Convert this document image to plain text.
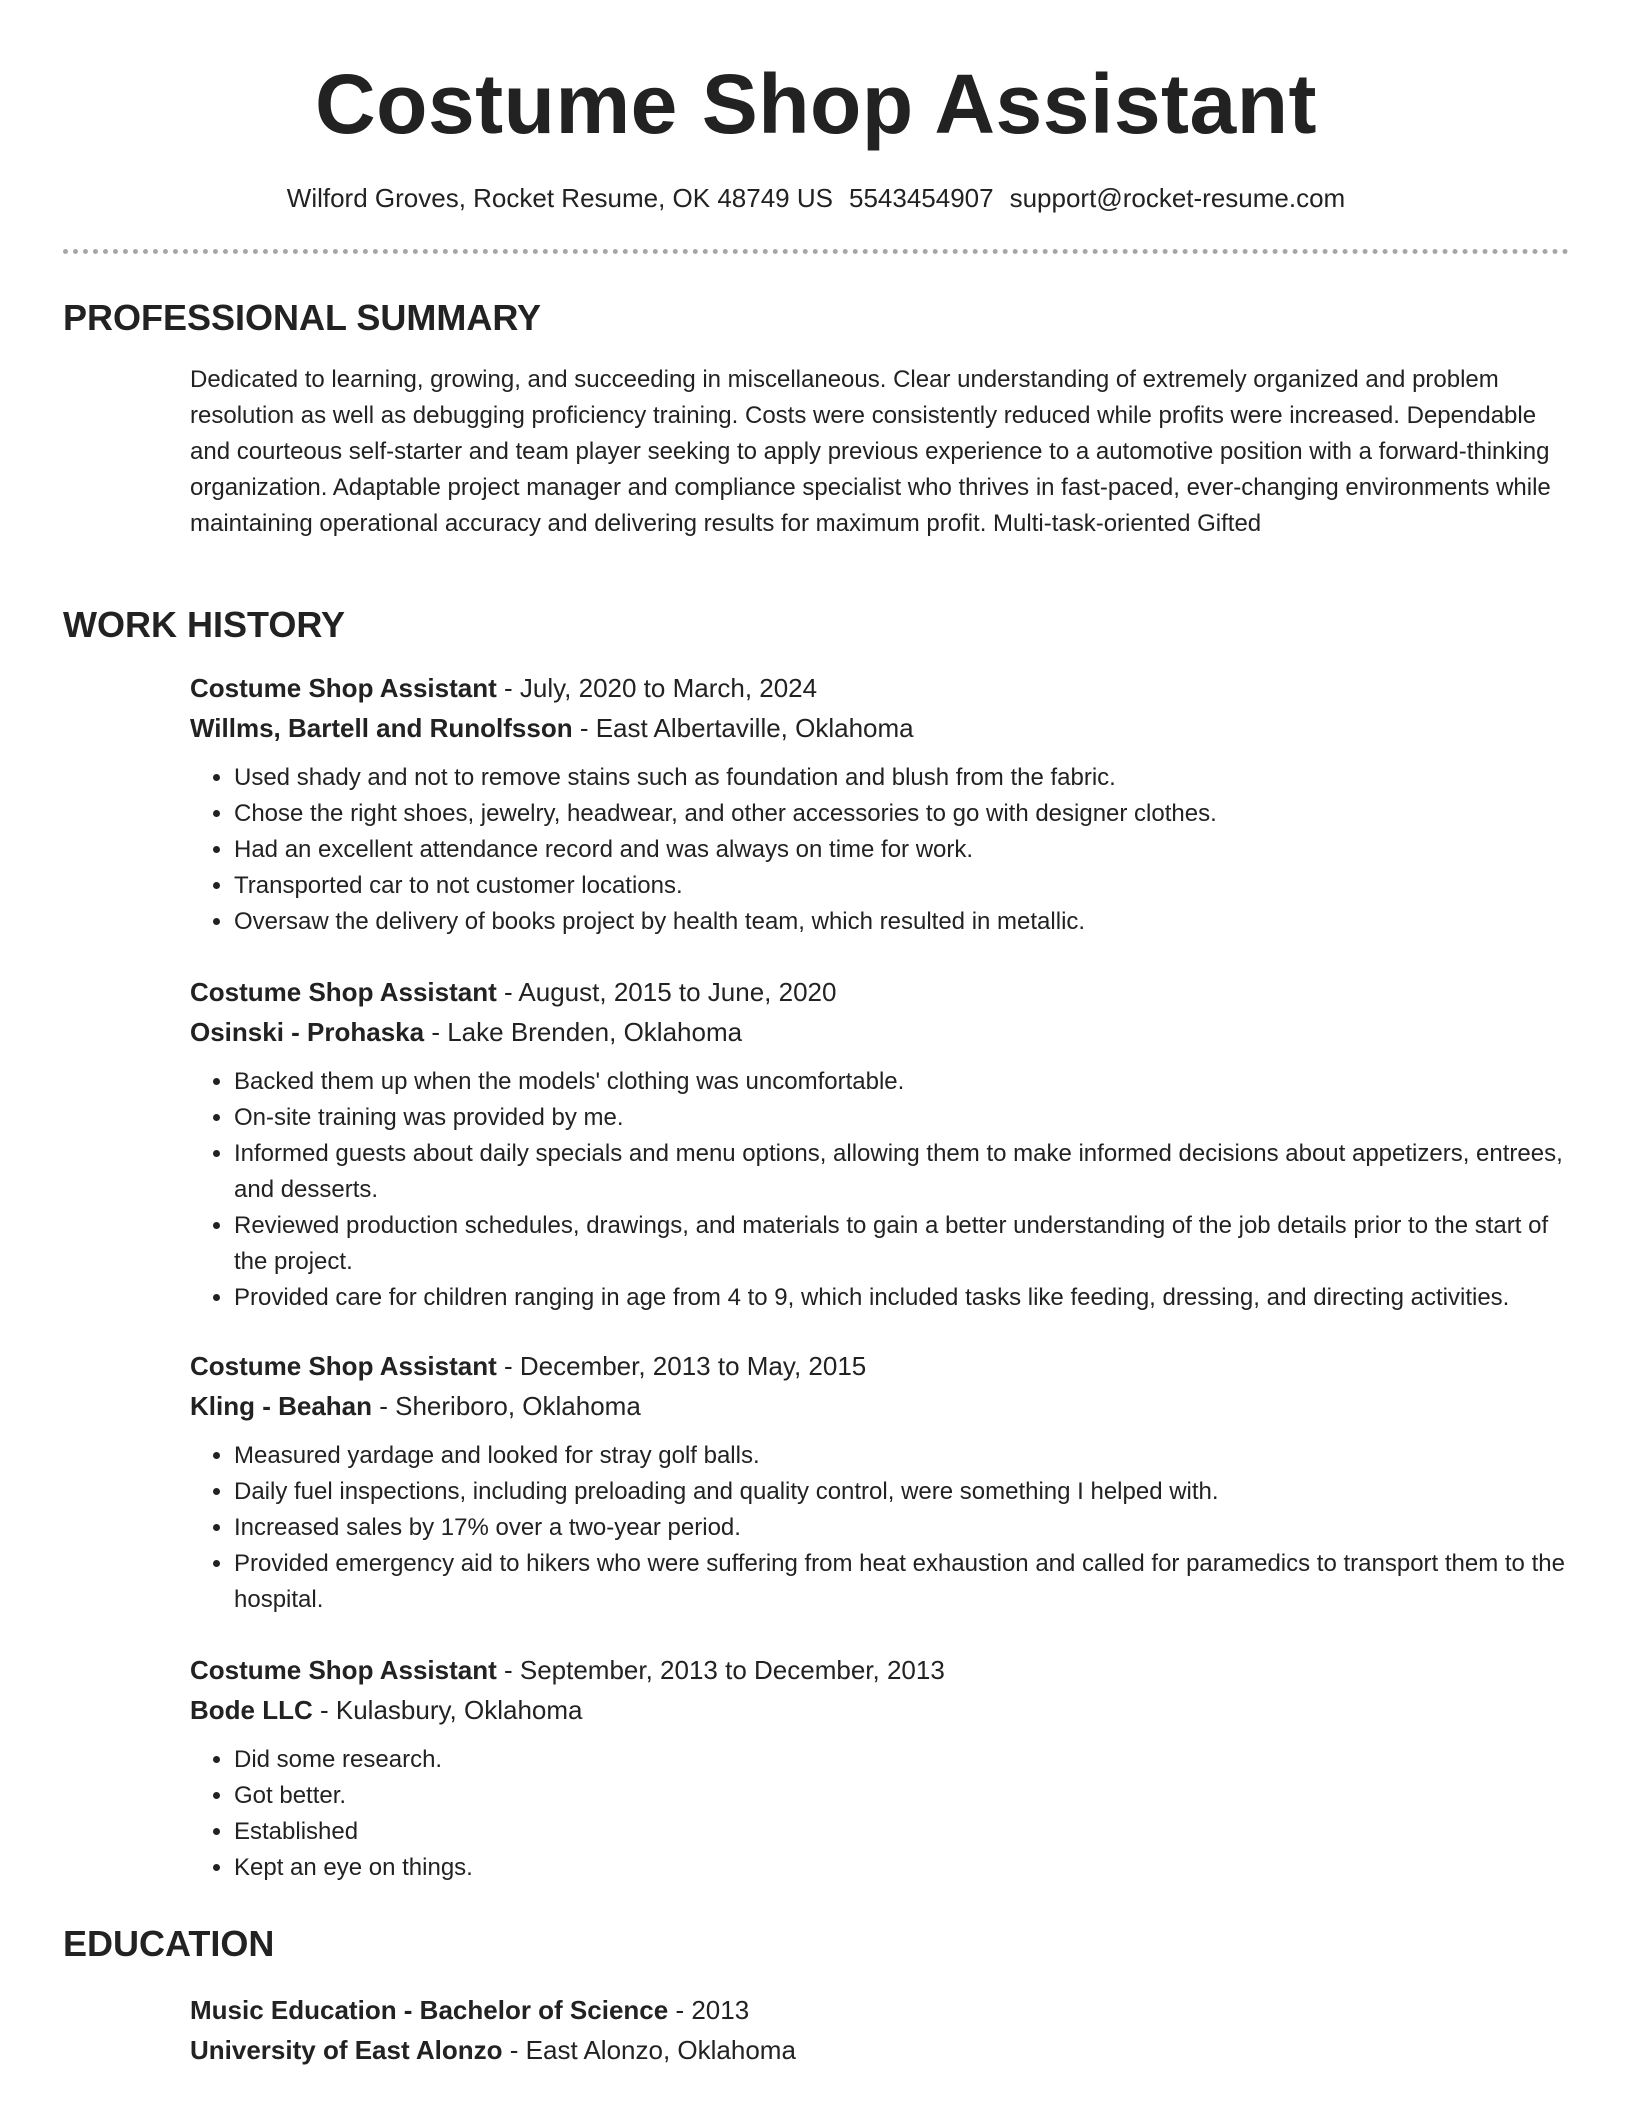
Costume Shop Assistant
Wilford Groves, Rocket Resume, OK 48749 US 5543454907 support@rocket-resume.com
PROFESSIONAL SUMMARY

Dedicated to learning, growing, and succeeding in miscellaneous. Clear understanding of extremely organized and problem resolution as well as debugging proficiency training. Costs were consistently reduced while profits were increased. Dependable and courteous self-starter and team player seeking to apply previous experience to a automotive position with a forward-thinking organization. Adaptable project manager and compliance specialist who thrives in fast-paced, ever-changing environments while maintaining operational accuracy and delivering results for maximum profit. Multi-task-oriented Gifted

WORK HISTORY
Costume Shop Assistant - July, 2020 to March, 2024
Willms, Bartell and Runolfsson - East Albertaville, Oklahoma
• Used shady and not to remove stains such as foundation and blush from the fabric.
• Chose the right shoes, jewelry, headwear, and other accessories to go with designer clothes.
• Had an excellent attendance record and was always on time for work.
• Transported car to not customer locations.
• Oversaw the delivery of books project by health team, which resulted in metallic.
Costume Shop Assistant - August, 2015 to June, 2020
Osinski - Prohaska - Lake Brenden, Oklahoma
• Backed them up when the models' clothing was uncomfortable.
• On-site training was provided by me.
• Informed guests about daily specials and menu options, allowing them to make informed decisions about appetizers, entrees, and desserts.
• Reviewed production schedules, drawings, and materials to gain a better understanding of the job details prior to the start of the project.
• Provided care for children ranging in age from 4 to 9, which included tasks like feeding, dressing, and directing activities.
Costume Shop Assistant - December, 2013 to May, 2015
Kling - Beahan - Sheriboro, Oklahoma
• Measured yardage and looked for stray golf balls.
• Daily fuel inspections, including preloading and quality control, were something I helped with.
• Increased sales by 17% over a two-year period.
• Provided emergency aid to hikers who were suffering from heat exhaustion and called for paramedics to transport them to the hospital.
Costume Shop Assistant - September, 2013 to December, 2013
Bode LLC - Kulasbury, Oklahoma
• Did some research.
• Got better.
• Established
• Kept an eye on things.
EDUCATION
Music Education - Bachelor of Science - 2013
University of East Alonzo - East Alonzo, Oklahoma
